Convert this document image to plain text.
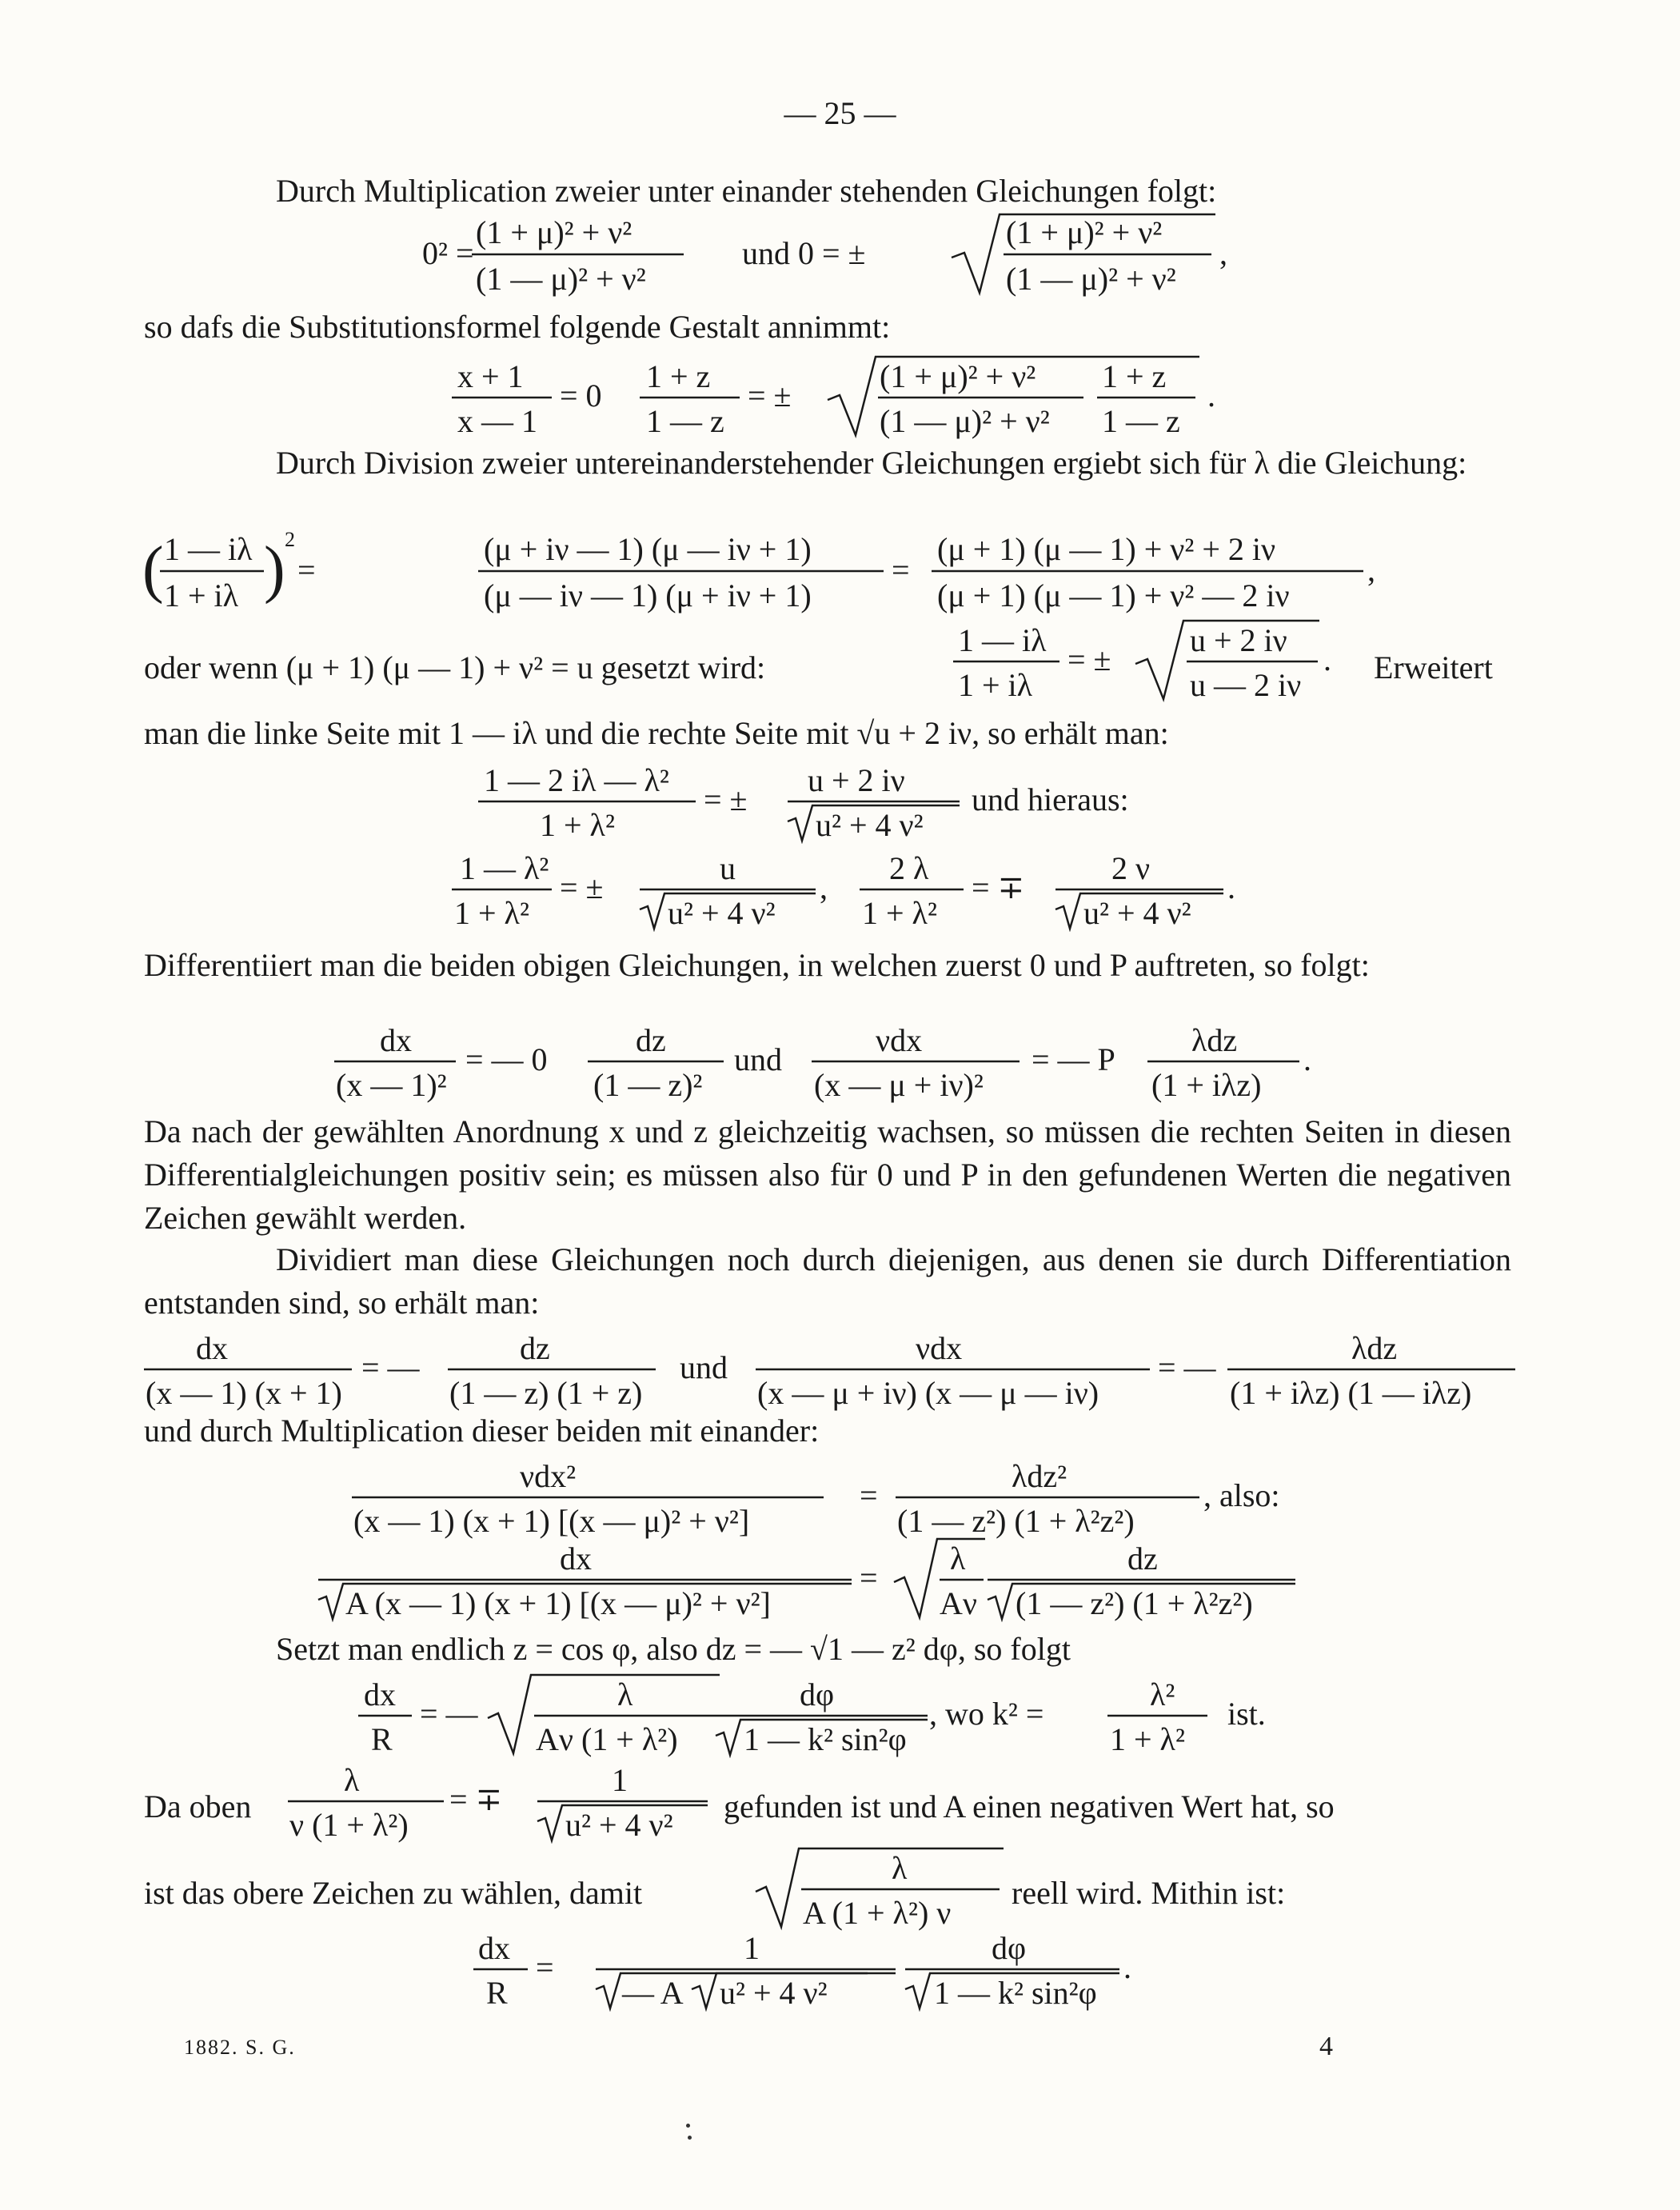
— 25 —
Durch Multiplication zweier unter einander stehenden Gleichungen folgt:
0² =
(1 + μ)² + ν²
(1 — μ)² + ν²
und 0 = ±
(1 + μ)² + ν²
(1 — μ)² + ν²
,
so dafs die Substitutionsformel folgende Gestalt annimmt:
x + 1
x — 1
= 0
1 + z
1 — z
= ±
(1 + μ)² + ν²
(1 — μ)² + ν²
1 + z
1 — z
.
Durch Division zweier untereinanderstehender Gleichungen ergiebt sich für λ die Gleichung:
( 1 — iλ
1 + iλ ) 2
=
(μ + iν — 1) (μ — iν + 1)
(μ — iν — 1) (μ + iν + 1)
=
(μ + 1) (μ — 1) + ν² + 2 iν
(μ + 1) (μ — 1) + ν² — 2 iν
,
oder wenn (μ + 1) (μ — 1) + ν² = u gesetzt wird:
1 — iλ
1 + iλ
= ±
u + 2 iν
u — 2 iν
. Erweitert
man die linke Seite mit 1 — iλ und die rechte Seite mit √u + 2 iν, so erhält man:
1 — 2 iλ — λ²
1 + λ²
= ±
u + 2 iν
u² + 4 ν²
und hieraus:
1 — λ²
1 + λ²
= ±
u
u² + 4 ν²
,
2 λ
1 + λ²
= ∓
2 ν
u² + 4 ν²
.
Differentiiert man die beiden obigen Gleichungen, in welchen zuerst 0 und P auftreten, so folgt:
dx
(x — 1)²
= — 0
dz
(1 — z)²
und
νdx
(x — μ + iν)²
= — P
λdz
(1 + iλz)
.
Da nach der gewählten Anordnung x und z gleichzeitig wachsen, so müssen die rechten Seiten in diesen Differentialgleichungen positiv sein; es müssen also für 0 und P in den gefundenen Werten die negativen Zeichen gewählt werden.
Dividiert man diese Gleichungen noch durch diejenigen, aus denen sie durch Differentiation entstanden sind, so erhält man:
dx
(x — 1) (x + 1)
= —
dz
(1 — z) (1 + z)
und
νdx
(x — μ + iν) (x — μ — iν)
= —
λdz
(1 + iλz) (1 — iλz)
und durch Multiplication dieser beiden mit einander:
νdx²
(x — 1) (x + 1) [(x — μ)² + ν²]
=
λdz²
(1 — z²) (1 + λ²z²)
, also:
dx
A (x — 1) (x + 1) [(x — μ)² + ν²]
=
λ
Aν
dz
(1 — z²) (1 + λ²z²)
Setzt man endlich z = cos φ, also dz = — √1 — z² dφ, so folgt
dx
R
= —
λ
Aν (1 + λ²)
dφ
1 — k² sin²φ
, wo k² =
λ²
1 + λ²
ist.
Da oben
λ
ν (1 + λ²)
= ∓
1
u² + 4 ν²
gefunden ist und A einen negativen Wert hat, so
ist das obere Zeichen zu wählen, damit
λ
A (1 + λ²) ν
reell wird. Mithin ist:
dx
R
=
1
— A u² + 4 ν²
dφ
1 — k² sin²φ
.
1882. S. G.	4
